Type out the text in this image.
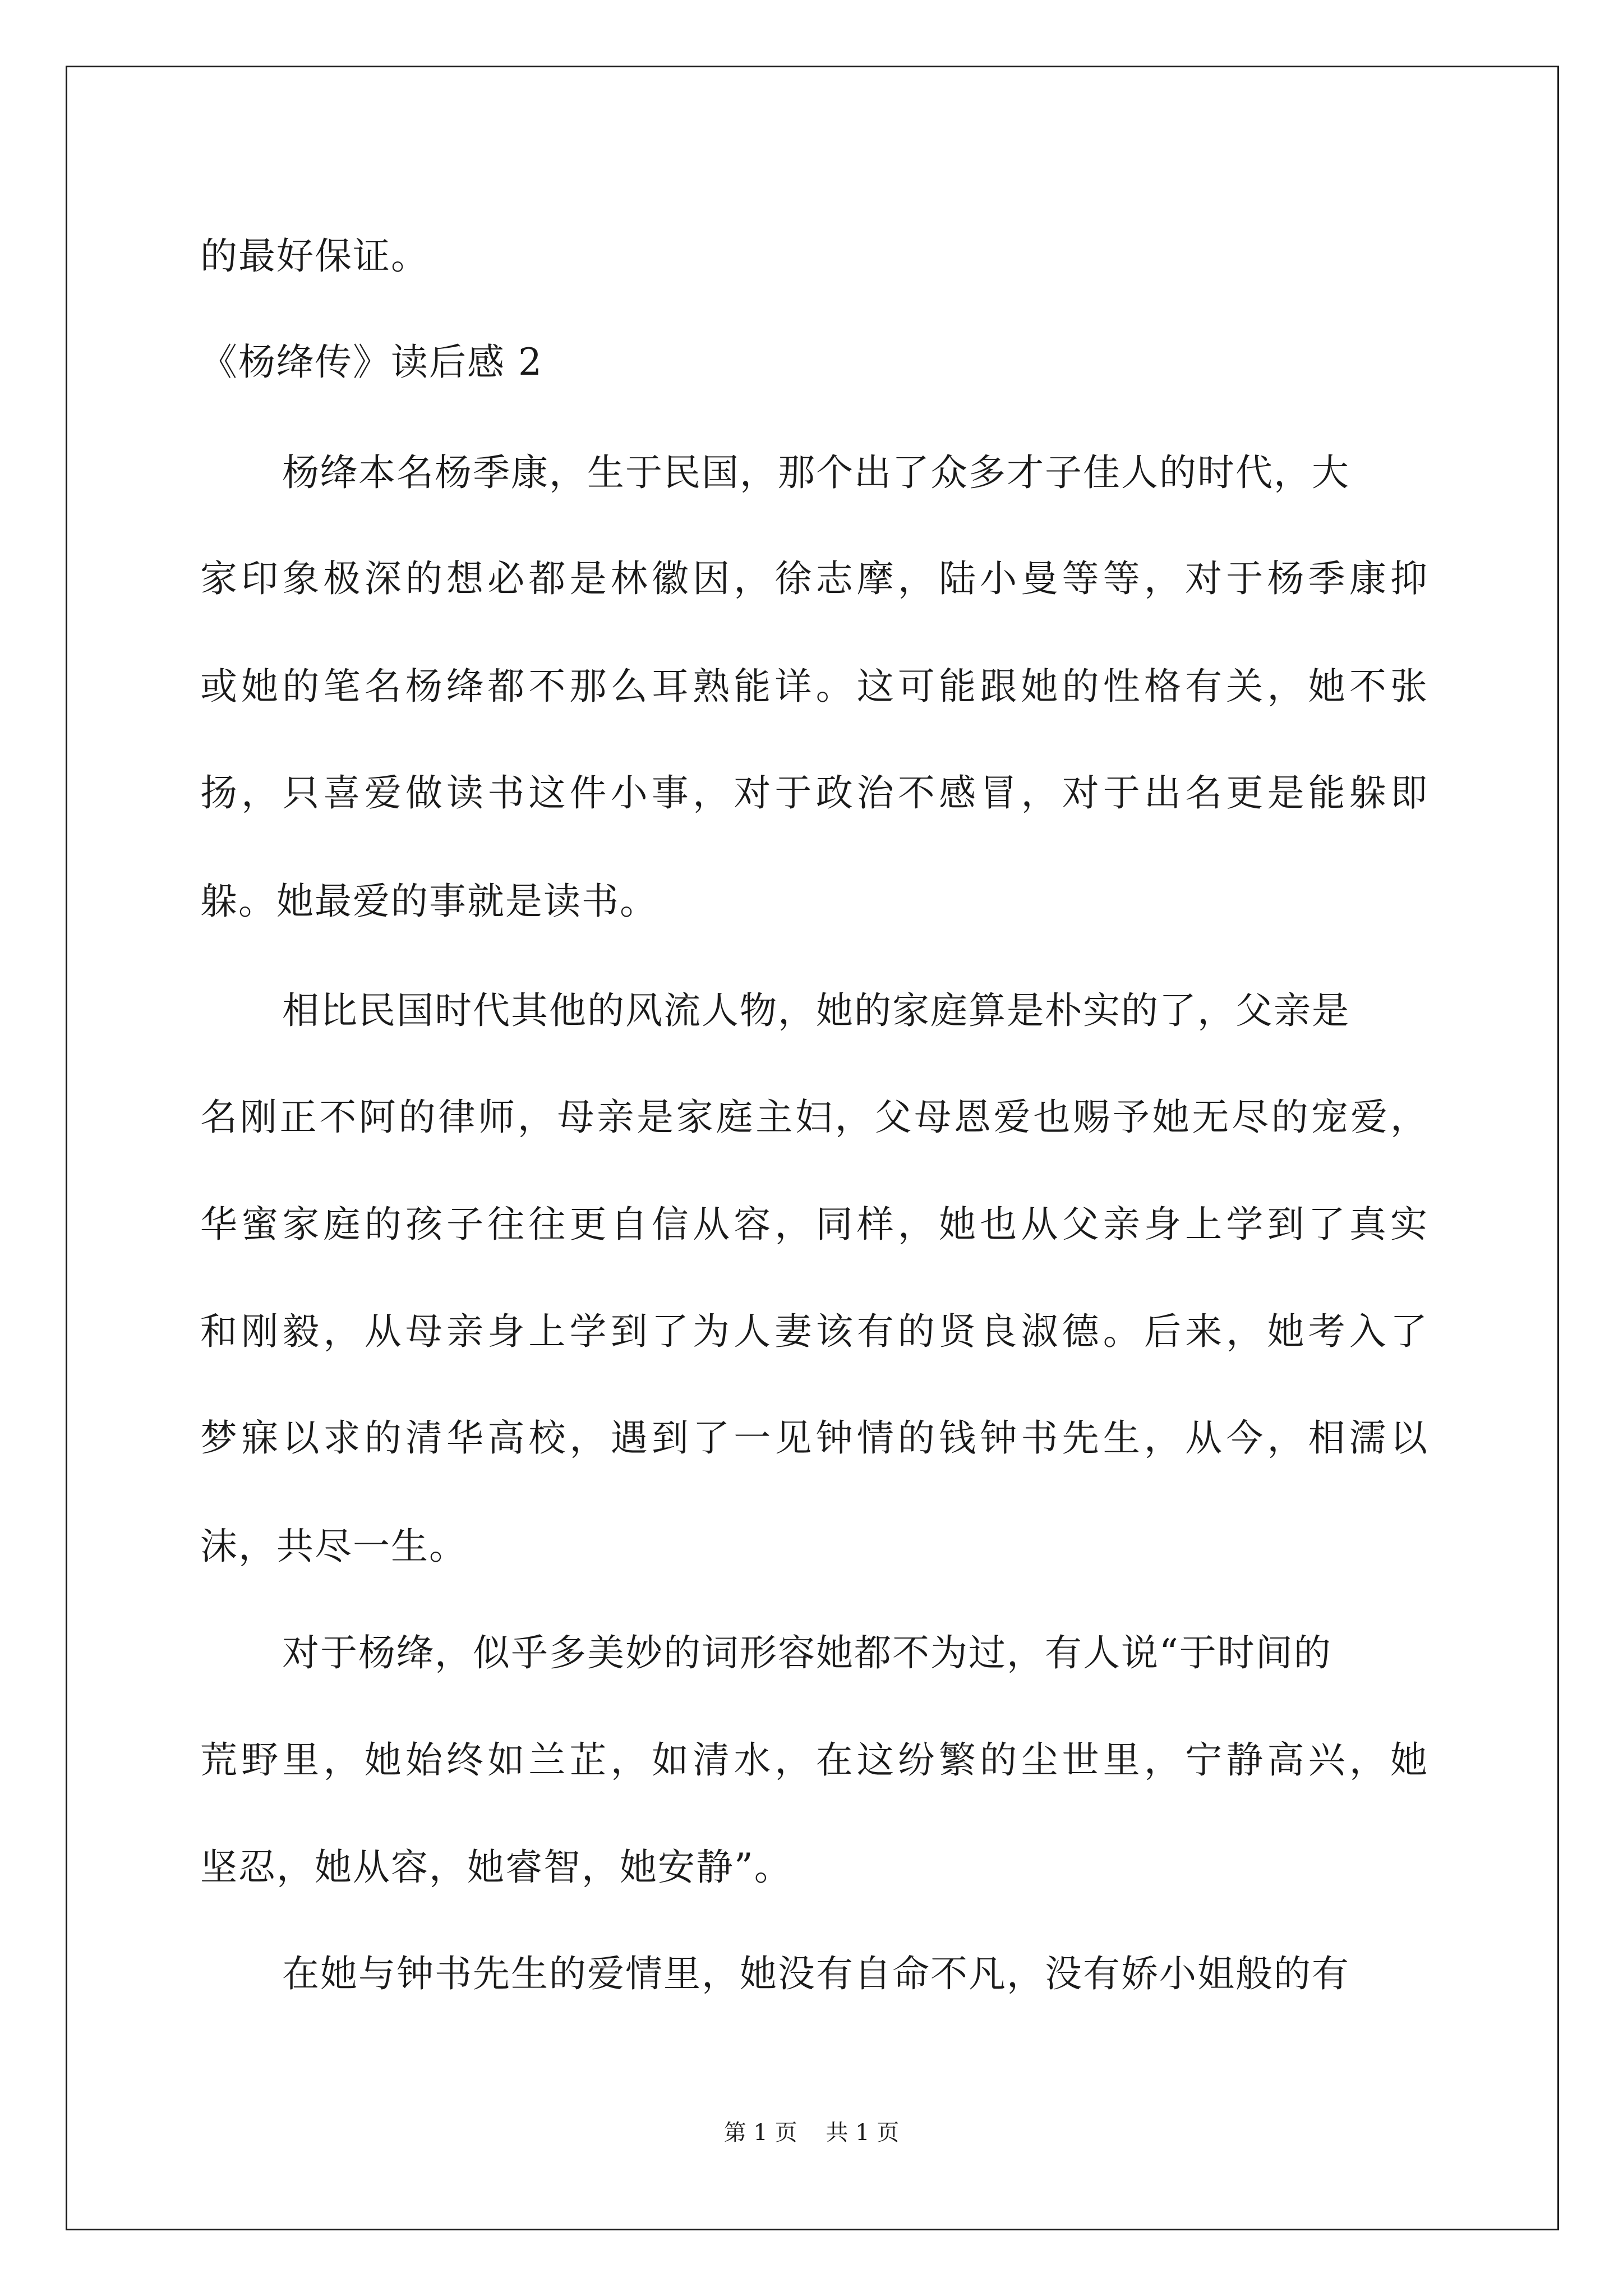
的最好保证。
《杨绛传》读后感 2
杨绛本名杨季康，生于民国，那个出了众多才子佳人的时代，大
家印象极深的想必都是林徽因，徐志摩，陆小曼等等，对于杨季康抑
或她的笔名杨绛都不那么耳熟能详。这可能跟她的性格有关，她不张
扬，只喜爱做读书这件小事，对于政治不感冒，对于出名更是能躲即
躲。她最爱的事就是读书。
相比民国时代其他的风流人物，她的家庭算是朴实的了，父亲是
名刚正不阿的律师，母亲是家庭主妇，父母恩爱也赐予她无尽的宠爱，
华蜜家庭的孩子往往更自信从容，同样，她也从父亲身上学到了真实
和刚毅，从母亲身上学到了为人妻该有的贤良淑德。后来，她考入了
梦寐以求的清华高校，遇到了一见钟情的钱钟书先生，从今，相濡以
沫，共尽一生。
对于杨绛，似乎多美妙的词形容她都不为过，有人说“于时间的
荒野里，她始终如兰芷，如清水，在这纷繁的尘世里，宁静高兴，她
坚忍，她从容，她睿智，她安静”。
在她与钟书先生的爱情里，她没有自命不凡，没有娇小姐般的有
第 1 页    共 1 页
